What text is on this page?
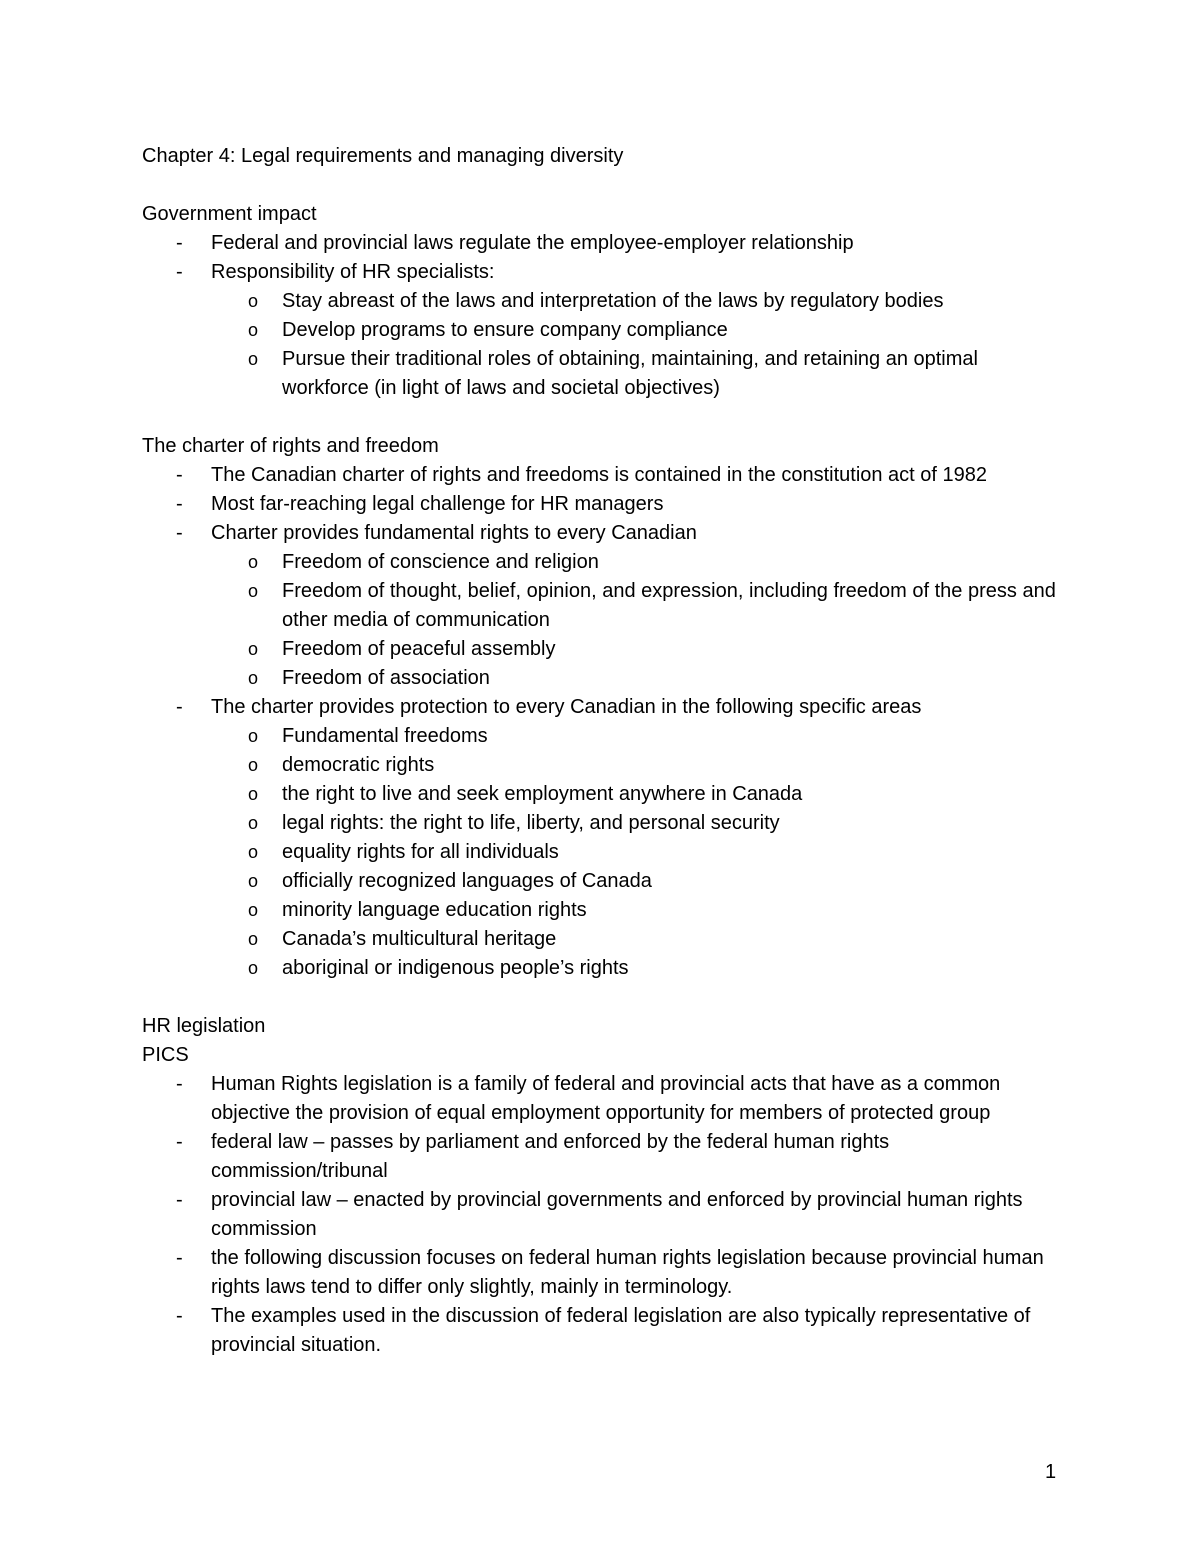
Chapter 4: Legal requirements and managing diversity

Government impact

- Federal and provincial laws regulate the employee-employer relationship
- Responsibility of HR specialists:
o Stay abreast of the laws and interpretation of the laws by regulatory bodies
o Develop programs to ensure company compliance
o Pursue their traditional roles of obtaining, maintaining, and retaining an optimal workforce (in light of laws and societal objectives)

The charter of rights and freedom

- The Canadian charter of rights and freedoms is contained in the constitution act of 1982
- Most far-reaching legal challenge for HR managers
- Charter provides fundamental rights to every Canadian
o Freedom of conscience and religion
o Freedom of thought, belief, opinion, and expression, including freedom of the press and other media of communication
o Freedom of peaceful assembly
o Freedom of association
- The charter provides protection to every Canadian in the following specific areas
o Fundamental freedoms
o democratic rights
o the right to live and seek employment anywhere in Canada
o legal rights: the right to life, liberty, and personal security
o equality rights for all individuals
o officially recognized languages of Canada
o minority language education rights
o Canada’s multicultural heritage
o aboriginal or indigenous people’s rights

HR legislation

PICS

- Human Rights legislation is a family of federal and provincial acts that have as a common objective the provision of equal employment opportunity for members of protected group
- federal law – passes by parliament and enforced by the federal human rights commission/tribunal
- provincial law – enacted by provincial governments and enforced by provincial human rights commission
- the following discussion focuses on federal human rights legislation because provincial human rights laws tend to differ only slightly, mainly in terminology.
- The examples used in the discussion of federal legislation are also typically representative of provincial situation.
1
